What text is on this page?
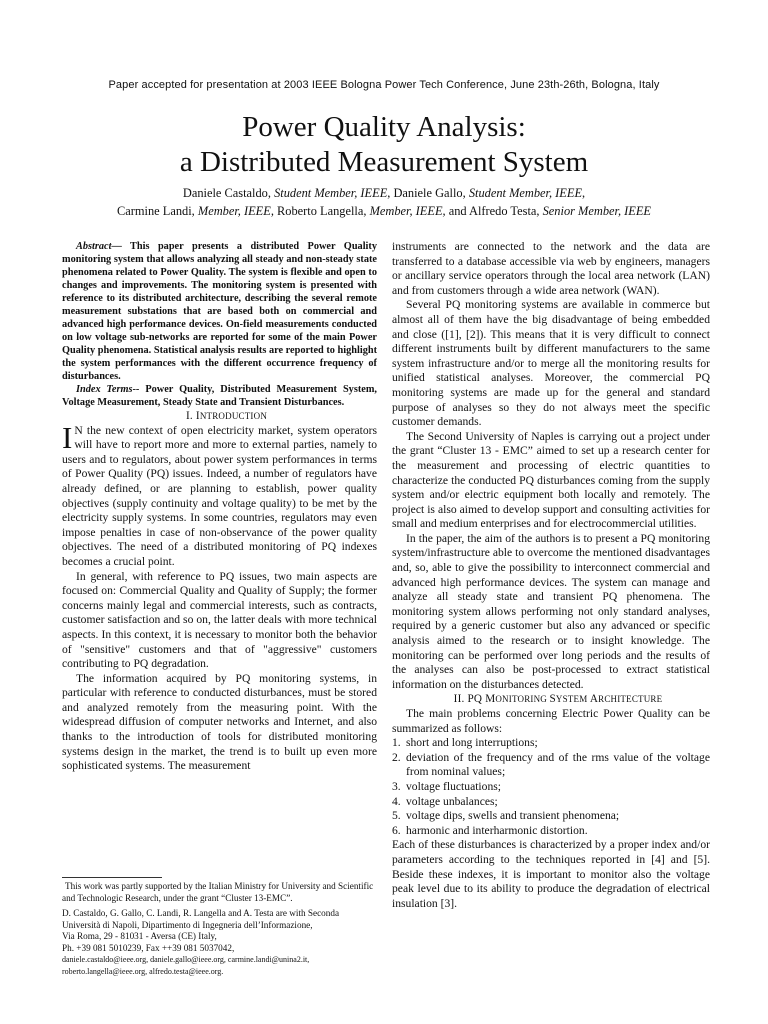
Paper accepted for presentation at 2003 IEEE Bologna Power Tech Conference, June 23th-26th, Bologna, Italy
Power Quality Analysis:
a Distributed Measurement System
Daniele Castaldo, Student Member, IEEE, Daniele Gallo, Student Member, IEEE,
Carmine Landi, Member, IEEE, Roberto Langella, Member, IEEE, and Alfredo Testa, Senior Member, IEEE

Abstract— This paper presents a distributed Power Quality monitoring system that allows analyzing all steady and non-steady state phenomena related to Power Quality. The system is flexible and open to changes and improvements. The monitoring system is presented with reference to its distributed architecture, describing the several remote measurement substations that are based both on commercial and advanced high performance devices. On-field measurements conducted on low voltage sub-networks are reported for some of the main Power Quality phenomena. Statistical analysis results are reported to highlight the system performances with the different occurrence frequency of disturbances.

Index Terms-- Power Quality, Distributed Measurement System, Voltage Measurement, Steady State and Transient Disturbances.

I. INTRODUCTION

I N the new context of open electricity market, system operators will have to report more and more to external parties, namely to users and to regulators, about power system performances in terms of Power Quality (PQ) issues. Indeed, a number of regulators have already defined, or are planning to establish, power quality objectives (supply continuity and voltage quality) to be met by the electricity supply systems. In some countries, regulators may even impose penalties in case of non-observance of the power quality objectives. The need of a distributed monitoring of PQ indexes becomes a crucial point.

In general, with reference to PQ issues, two main aspects are focused on: Commercial Quality and Quality of Supply; the former concerns mainly legal and commercial interests, such as contracts, customer satisfaction and so on, the latter deals with more technical aspects. In this context, it is necessary to monitor both the behavior of "sensitive" customers and that of "aggressive" customers contributing to PQ degradation.

The information acquired by PQ monitoring systems, in particular with reference to conducted disturbances, must be stored and analyzed remotely from the measuring point. With the widespread diffusion of computer networks and Internet, and also thanks to the introduction of tools for distributed monitoring systems design in the market, the trend is to built up even more sophisticated systems. The measurement

instruments are connected to the network and the data are transferred to a database accessible via web by engineers, managers or ancillary service operators through the local area network (LAN) and from customers through a wide area network (WAN).

Several PQ monitoring systems are available in commerce but almost all of them have the big disadvantage of being embedded and close ([1], [2]). This means that it is very difficult to connect different instruments built by different manufacturers to the same system infrastructure and/or to merge all the monitoring results for unified statistical analyses. Moreover, the commercial PQ monitoring systems are made up for the general and standard purpose of analyses so they do not always meet the specific customer demands.

The Second University of Naples is carrying out a project under the grant “Cluster 13 - EMC” aimed to set up a research center for the measurement and processing of electric quantities to characterize the conducted PQ disturbances coming from the supply system and/or electric equipment both locally and remotely. The project is also aimed to develop support and consulting activities for small and medium enterprises and for electrocommercial utilities.

In the paper, the aim of the authors is to present a PQ monitoring system/infrastructure able to overcome the mentioned disadvantages and, so, able to give the possibility to interconnect commercial and advanced high performance devices. The system can manage and analyze all steady state and transient PQ phenomena. The monitoring system allows performing not only standard analyses, required by a generic customer but also any advanced or specific analysis aimed to the research or to insight knowledge. The monitoring can be performed over long periods and the results of the analyses can also be post-processed to extract statistical information on the disturbances detected.

II. PQ MONITORING SYSTEM ARCHITECTURE

The main problems concerning Electric Power Quality can be summarized as follows:

1. short and long interruptions;
2. deviation of the frequency and of the rms value of the voltage from nominal values;
3. voltage fluctuations;
4. voltage unbalances;
5. voltage dips, swells and transient phenomena;
6. harmonic and interharmonic distortion.

Each of these disturbances is characterized by a proper index and/or parameters according to the techniques reported in [4] and [5]. Beside these indexes, it is important to monitor also the voltage peak level due to its ability to produce the degradation of electrical insulation [3].

This work was partly supported by the Italian Ministry for University and Scientific and Technologic Research, under the grant “Cluster 13-EMC”.
D. Castaldo, G. Gallo, C. Landi, R. Langella and A. Testa are with Seconda
Università di Napoli, Dipartimento di Ingegneria dell’Informazione,
Via Roma, 29 - 81031 - Aversa (CE) Italy,
Ph. +39 081 5010239, Fax ++39 081 5037042,
daniele.castaldo@ieee.org, daniele.gallo@ieee.org, carmine.landi@unina2.it,
roberto.langella@ieee.org, alfredo.testa@ieee.org.
